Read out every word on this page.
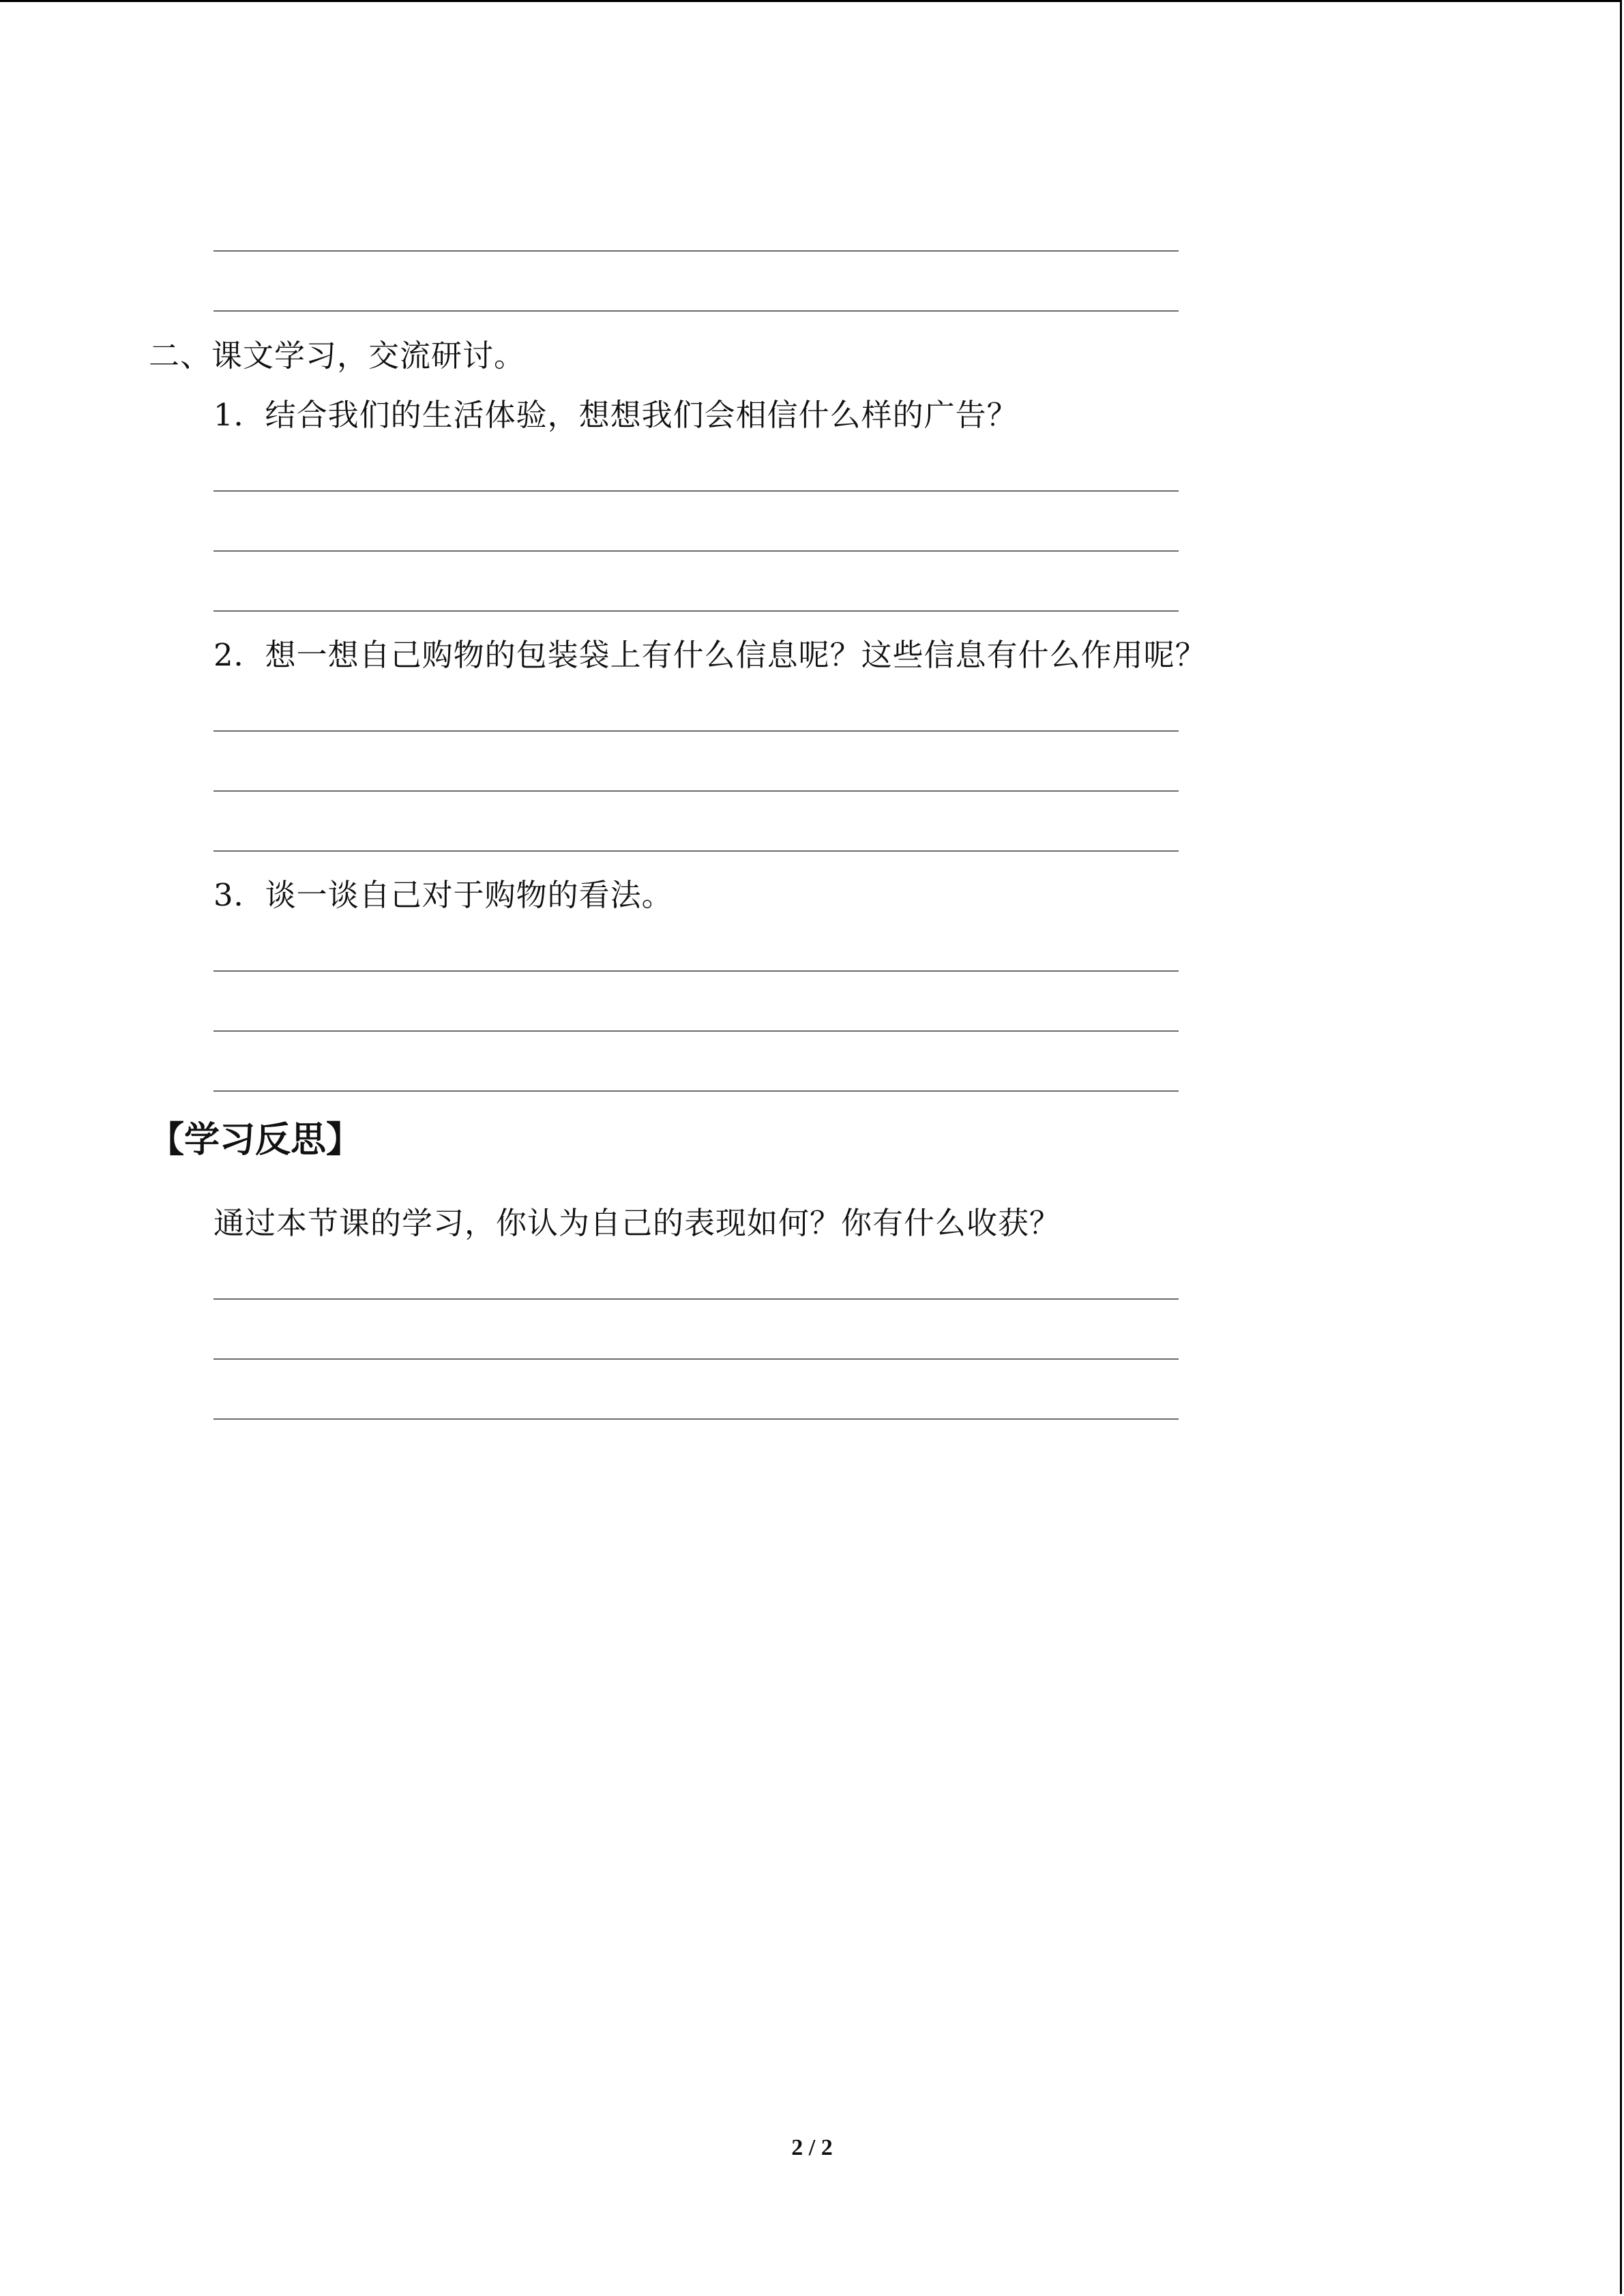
二、课文学习，交流研讨。
1．结合我们的生活体验，想想我们会相信什么样的广告？
2．想一想自己购物的包装袋上有什么信息呢？这些信息有什么作用呢？
3．谈一谈自己对于购物的看法。
【学习反思】
通过本节课的学习，你认为自己的表现如何？你有什么收获？
2 / 2
